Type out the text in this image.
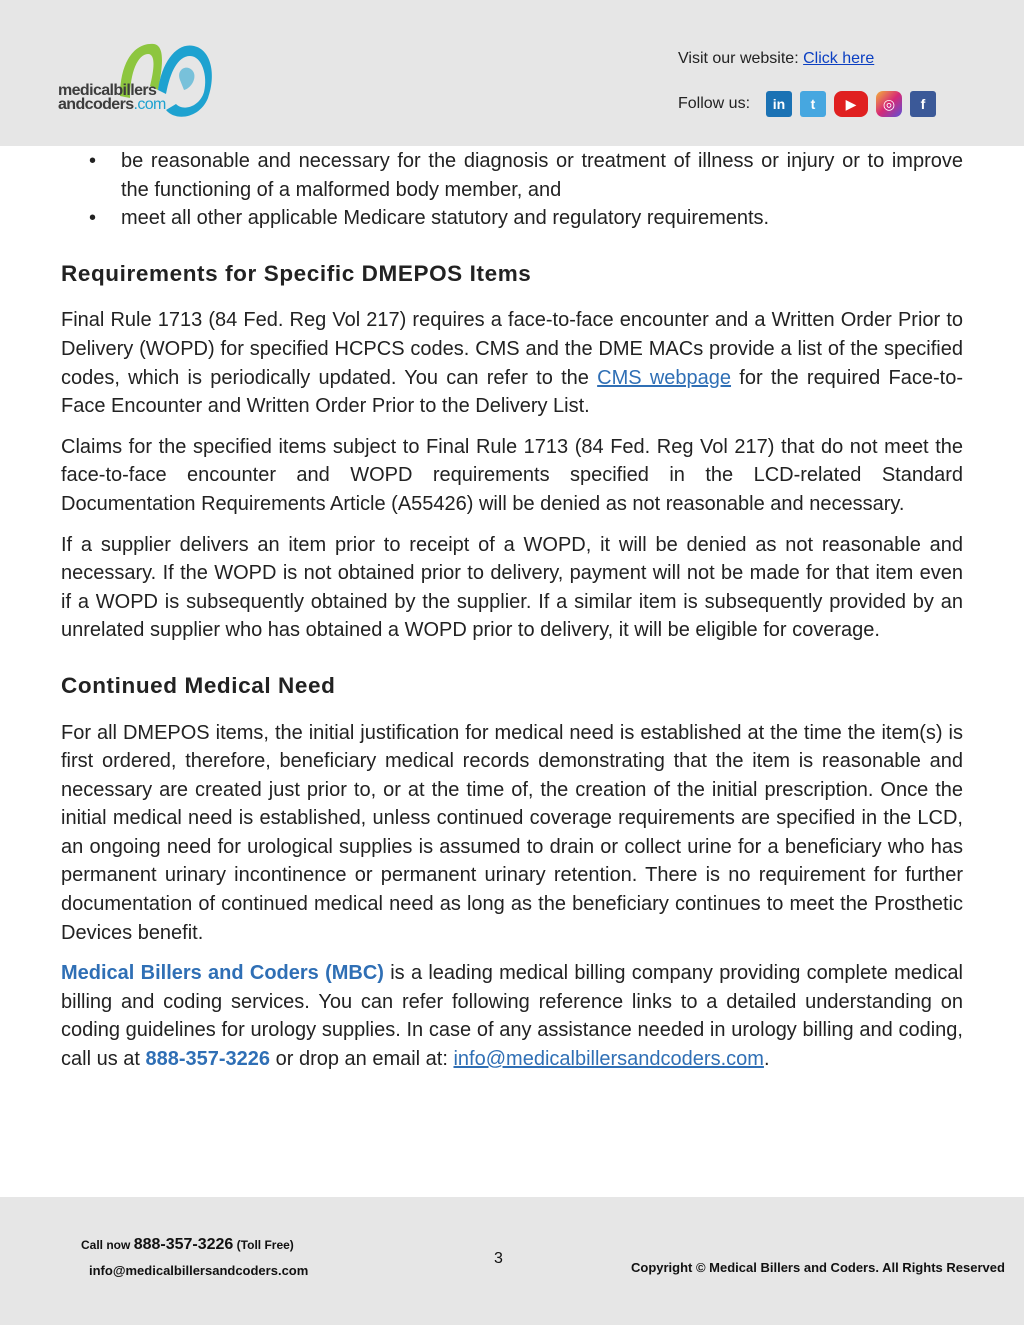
medicalbillers
andcoders.com
Visit our website: Click here
Follow us:	in	t	▶	◎	f
• be reasonable and necessary for the diagnosis or treatment of illness or injury or to improve the functioning of a malformed body member, and
• meet all other applicable Medicare statutory and regulatory requirements.
Requirements for Specific DMEPOS Items

Final Rule 1713 (84 Fed. Reg Vol 217) requires a face-to-face encounter and a Written Order Prior to Delivery (WOPD) for specified HCPCS codes. CMS and the DME MACs provide a list of the specified codes, which is periodically updated. You can refer to the CMS webpage for the required Face-to-Face Encounter and Written Order Prior to the Delivery List.

Claims for the specified items subject to Final Rule 1713 (84 Fed. Reg Vol 217) that do not meet the face-to-face encounter and WOPD requirements specified in the LCD-related Standard Documentation Requirements Article (A55426) will be denied as not reasonable and necessary.

If a supplier delivers an item prior to receipt of a WOPD, it will be denied as not reasonable and necessary. If the WOPD is not obtained prior to delivery, payment will not be made for that item even if a WOPD is subsequently obtained by the supplier. If a similar item is subsequently provided by an unrelated supplier who has obtained a WOPD prior to delivery, it will be eligible for coverage.

Continued Medical Need

For all DMEPOS items, the initial justification for medical need is established at the time the item(s) is first ordered, therefore, beneficiary medical records demonstrating that the item is reasonable and necessary are created just prior to, or at the time of, the creation of the initial prescription. Once the initial medical need is established, unless continued coverage requirements are specified in the LCD, an ongoing need for urological supplies is assumed to drain or collect urine for a beneficiary who has permanent urinary incontinence or permanent urinary retention. There is no requirement for further documentation of continued medical need as long as the beneficiary continues to meet the Prosthetic Devices benefit.

Medical Billers and Coders (MBC) is a leading medical billing company providing complete medical billing and coding services. You can refer following reference links to a detailed understanding on coding guidelines for urology supplies. In case of any assistance needed in urology billing and coding, call us at 888-357-3226 or drop an email at: info@medicalbillersandcoders.com.

Call now 888-357-3226 (Toll Free)
info@medicalbillersandcoders.com
3
Copyright © Medical Billers and Coders. All Rights Reserved
